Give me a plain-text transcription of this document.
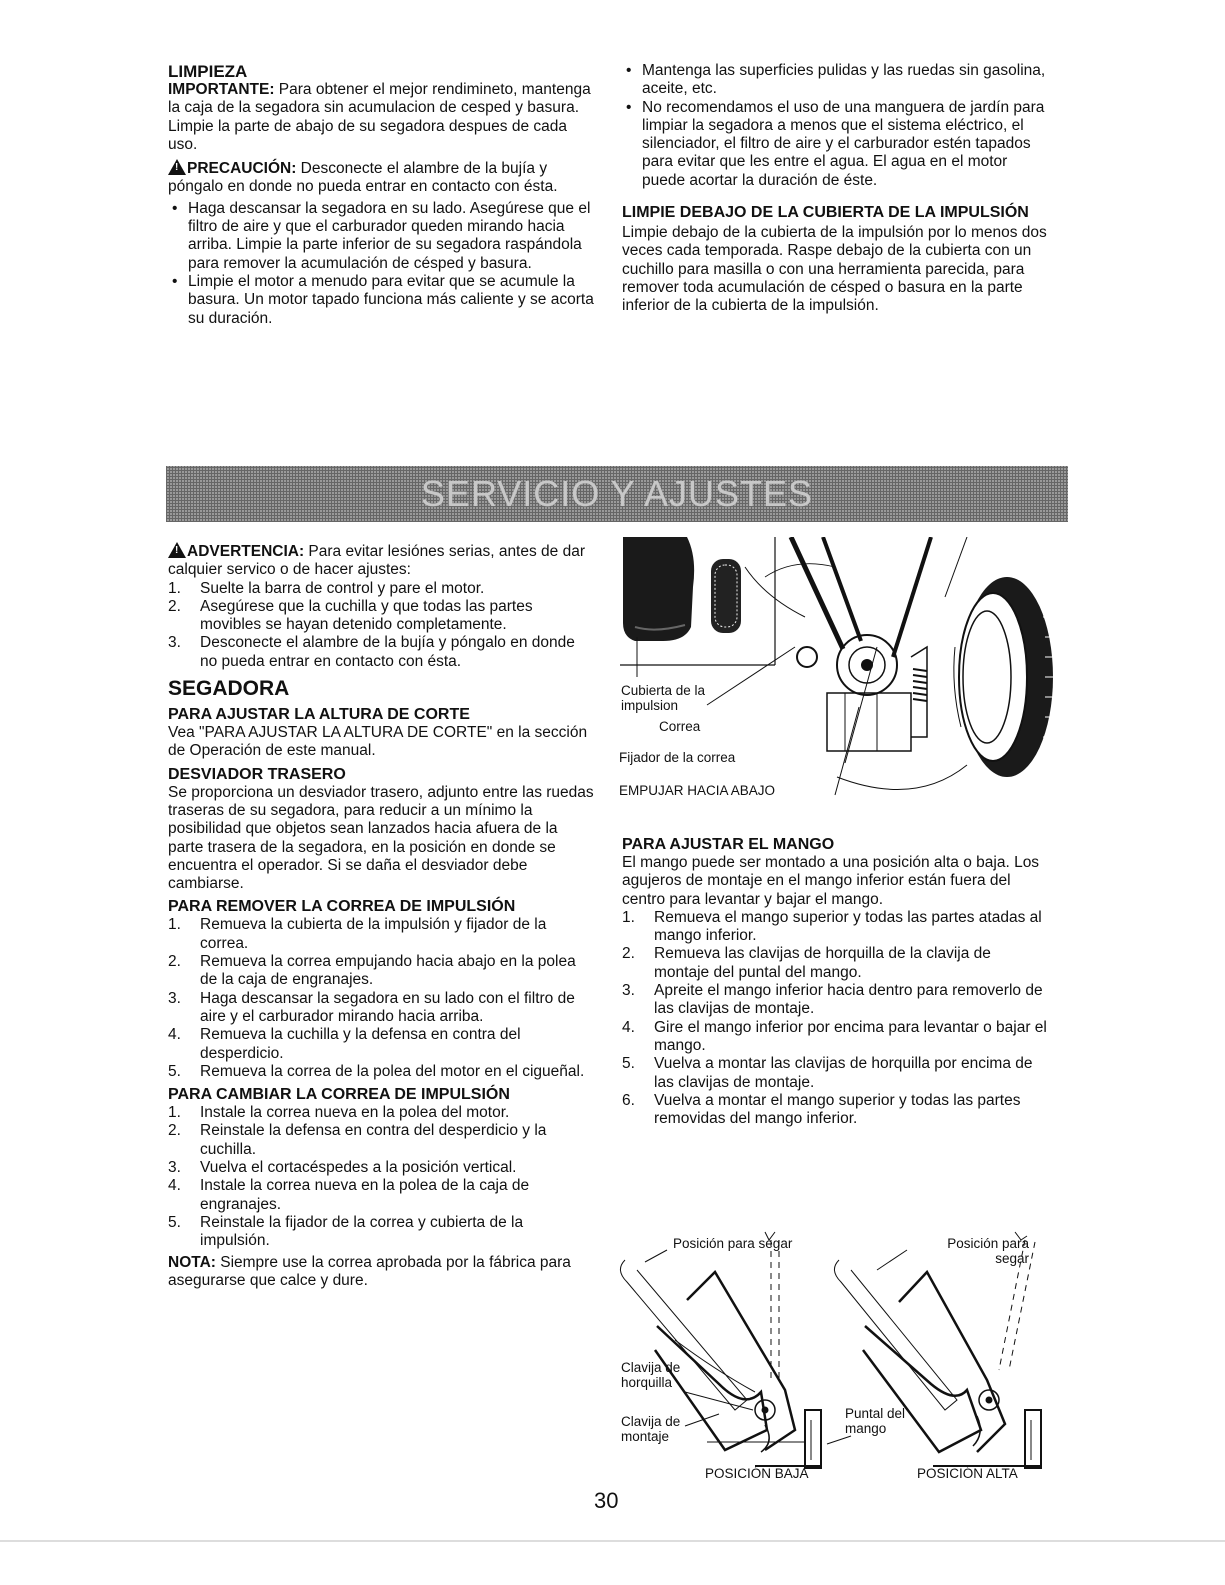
LIMPIEZA

IMPORTANTE: Para obtener el mejor rendimineto, mantenga la caja de la segadora sin acumulacion de cesped y basura. Limpie la parte de abajo de su segadora despues de cada uso.

!PRECAUCIÓN: Desconecte el alambre de la bujía y póngalo en donde no pueda entrar en contacto con ésta.

• Haga descansar la segadora en su lado. Asegúrese que el filtro de aire y que el carburador queden mirando hacia arriba. Limpie la parte inferior de su segadora raspándola para remover la acumulación de césped y basura.
• Limpie el motor a menudo para evitar que se acumule la basura. Un motor tapado funciona más caliente y se acorta su duración.
• Mantenga las superficies pulidas y las ruedas sin gasolina, aceite, etc.
• No recomendamos el uso de una manguera de jardín para limpiar la segadora a menos que el sistema eléctrico, el silenciador, el filtro de aire y el carburador estén tapados para evitar que les entre el agua. El agua en el motor puede acortar la duración de éste.
LIMPIE DEBAJO DE LA CUBIERTA DE LA IMPULSIÓN

Limpie debajo de la cubierta de la impulsión por lo menos dos veces cada temporada. Raspe debajo de la cubierta con un cuchillo para masilla o con una herramienta parecida, para remover toda acumulación de césped o basura en la parte inferior de la cubierta de la impulsión.

SERVICIO Y AJUSTES

!ADVERTENCIA: Para evitar lesiónes serias, antes de dar calquier servico o de hacer ajustes:

1. Suelte la barra de control y pare el motor.
2. Asegúrese que la cuchilla y que todas las partes movibles se hayan detenido completamente.
3. Desconecte el alambre de la bujía y póngalo en donde no pueda entrar en contacto con ésta.
SEGADORA
PARA AJUSTAR LA ALTURA DE CORTE

Vea "PARA AJUSTAR LA ALTURA DE CORTE" en la sección de Operación de este manual.

DESVIADOR TRASERO

Se proporciona un desviador trasero, adjunto entre las ruedas traseras de su segadora, para reducir a un mínimo la posibilidad que objetos sean lanzados hacia afuera de la parte trasera de la segadora, en la posición en donde se encuentra el operador. Si se daña el desviador debe cambiarse.

PARA REMOVER LA CORREA DE IMPULSIÓN
1. Remueva la cubierta de la impulsión y fijador de la correa.
2. Remueva la correa empujando hacia abajo en la polea de la caja de engranajes.
3. Haga descansar la segadora en su lado con el filtro de aire y el carburador mirando hacia arriba.
4. Remueva la cuchilla y la defensa en contra del desperdicio.
5. Remueva la correa de la polea del motor en el cigueñal.
PARA CAMBIAR LA CORREA DE IMPULSIÓN
1. Instale la correa nueva en la polea del motor.
2. Reinstale la defensa en contra del desperdicio y la cuchilla.
3. Vuelva el cortacéspedes a la posición vertical.
4. Instale la correa nueva en la polea de la caja de engranajes.
5. Reinstale la fijador de la correa y cubierta de la impulsión.

NOTA: Siempre use la correa aprobada por la fábrica para asegurarse que calce y dure.

Cubierta de la impulsion
Correa
Fijador de la correa
EMPUJAR HACIA ABAJO
PARA AJUSTAR EL MANGO

El mango puede ser montado a una posición alta o baja. Los agujeros de montaje en el mango inferior están fuera del centro para levantar y bajar el mango.

1. Remueva el mango superior y todas las partes atadas al mango inferior.
2. Remueva las clavijas de horquilla de la clavija de montaje del puntal del mango.
3. Apreite el mango inferior hacia dentro para removerlo de las clavijas de montaje.
4. Gire el mango inferior por encima para levantar o bajar el mango.
5. Vuelva a montar las clavijas de horquilla por encima de las clavijas de montaje.
6. Vuelva a montar el mango superior y todas las partes removidas del mango inferior.
Posición para segar	Posición para segar
Clavija de horquilla
Clavija de montaje
Puntal del mango
POSICIÓN BAJA	POSICIÓN ALTA
30
